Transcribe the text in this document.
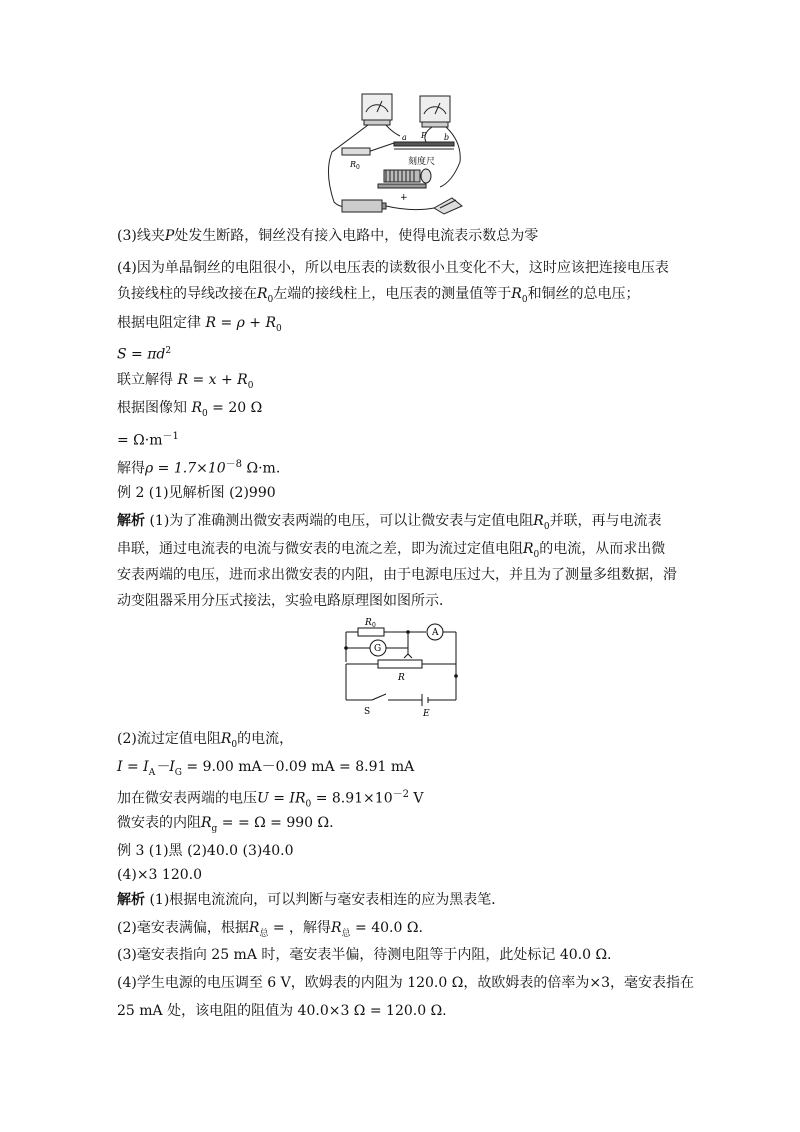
a P b
R 0
刻度尺
+
(3)线夹P处发生断路，铜丝没有接入电路中，使得电流表示数总为零
(4)因为单晶铜丝的电阻很小，所以电压表的读数很小且变化不大，这时应该把连接电压表
负接线柱的导线改接在$R_0$左端的接线柱上，电压表的测量值等于$R_0$和铜丝的总电压；
根据电阻定律 $R = \rho + R_0$
$S = \pi d^2$
联立解得 $R = x + R_0$
根据图像知 $R_0 = 20$ Ω
= $\Omega\cdot m^{-1}$
解得$\rho = 1.7\times 10^{-8}$ Ω·m.
例 2 (1)见解析图 (2)990
解析 (1)为了准确测出微安表两端的电压，可以让微安表与定值电阻$R_0$并联，再与电流表
串联，通过电流表的电流与微安表的电流之差，即为流过定值电阻$R_0$的电流，从而求出微
安表两端的电压，进而求出微安表的内阻，由于电源电压过大，并且为了测量多组数据，滑
动变阻器采用分压式接法，实验电路原理图如图所示．
R 0
A
G
R
S	E
(2)流过定值电阻$R_0$的电流，
$I = I_A-I_G = 9.00$ mA－0.09 mA = 8.91 mA
加在微安表两端的电压$U = IR_0 = 8.91\times 10^{-2}$ V
微安表的内阻$R_g$ = = Ω = 990 Ω.
例 3 (1)黑 (2)40.0 (3)40.0
(4)×3 120.0
解析 (1)根据电流流向，可以判断与毫安表相连的应为黑表笔．
(2)毫安表满偏，根据$R_总$ = ，解得$R_总 = 40.0$ Ω.
(3)毫安表指向 25 mA 时，毫安表半偏，待测电阻等于内阻，此处标记 40.0 Ω.
(4)学生电源的电压调至 6 V，欧姆表的内阻为 120.0 Ω，故欧姆表的倍率为×3，毫安表指在
25 mA 处，该电阻的阻值为 40.0×3 Ω = 120.0 Ω.
